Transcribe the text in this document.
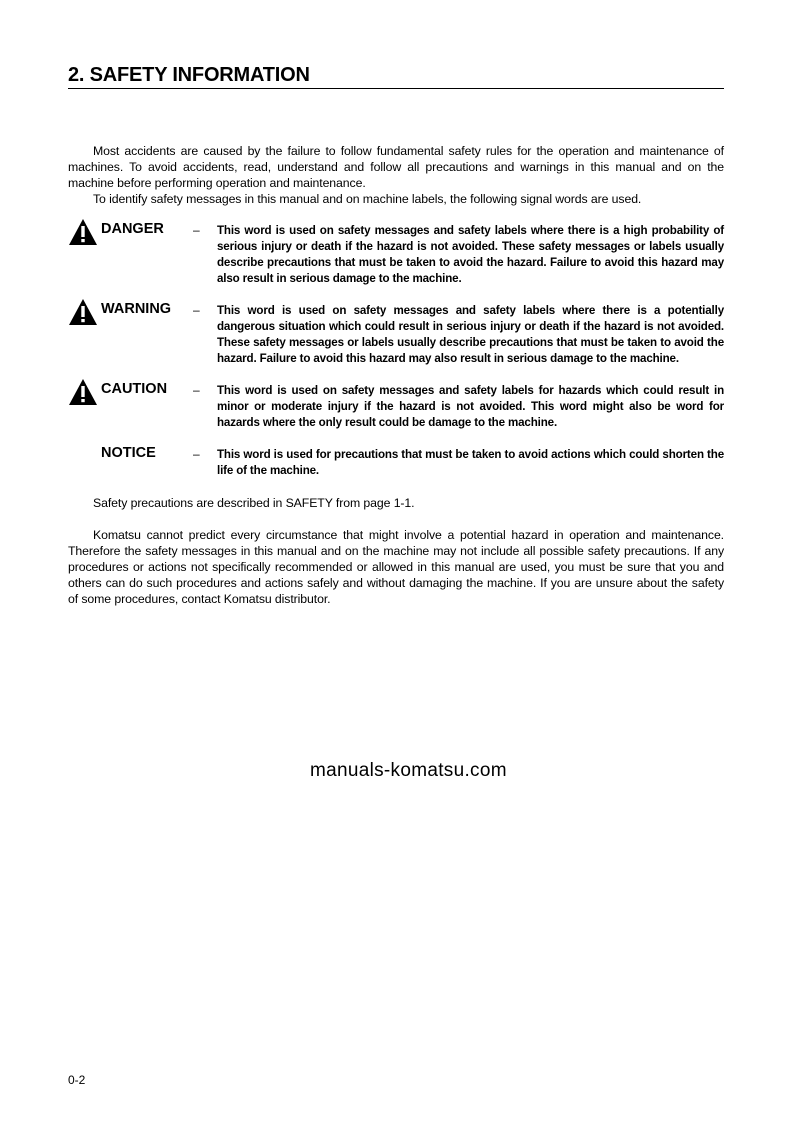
2. SAFETY INFORMATION

Most accidents are caused by the failure to follow fundamental safety rules for the operation and maintenance of machines. To avoid accidents, read, understand and follow all precautions and warnings in this manual and on the machine before performing operation and maintenance.

To identify safety messages in this manual and on machine labels, the following signal words are used.

DANGER – This word is used on safety messages and safety labels where there is a high probability of serious injury or death if the hazard is not avoided. These safety messages or labels usually describe precautions that must be taken to avoid the hazard. Failure to avoid this hazard may also result in serious damage to the machine.
WARNING – This word is used on safety messages and safety labels where there is a potentially dangerous situation which could result in serious injury or death if the hazard is not avoided. These safety messages or labels usually describe precautions that must be taken to avoid the hazard. Failure to avoid this hazard may also result in serious damage to the machine.
CAUTION – This word is used on safety messages and safety labels for hazards which could result in minor or moderate injury if the hazard is not avoided. This word might also be word for hazards where the only result could be damage to the machine.
NOTICE	– This word is used for precautions that must be taken to avoid actions which could shorten the life of the machine.

Safety precautions are described in SAFETY from page 1-1.

Komatsu cannot predict every circumstance that might involve a potential hazard in operation and maintenance. Therefore the safety messages in this manual and on the machine may not include all possible safety precautions. If any procedures or actions not specifically recommended or allowed in this manual are used, you must be sure that you and others can do such procedures and actions safely and without damaging the machine. If you are unsure about the safety of some procedures, contact Komatsu distributor.

manuals-komatsu.com
0-2
